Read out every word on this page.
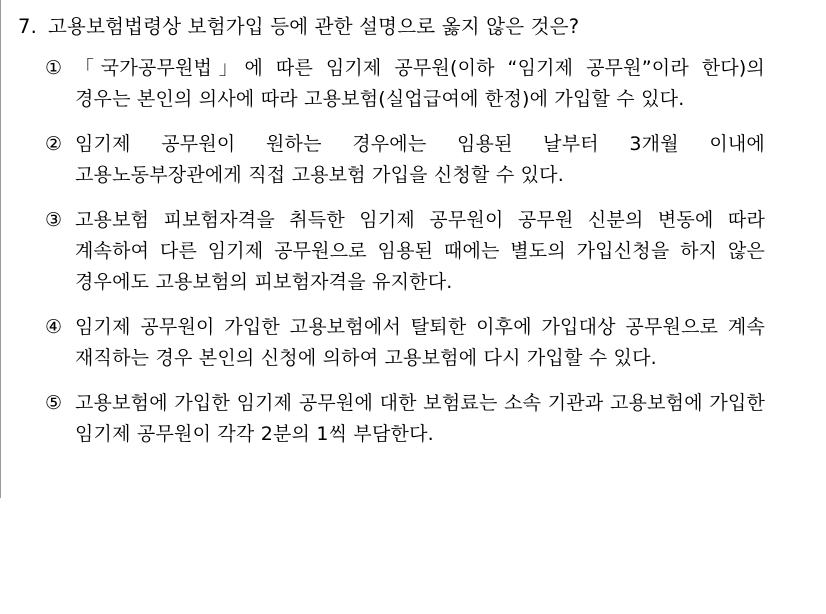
7. 고용보험법령상 보험가입 등에 관한 설명으로 옳지 않은 것은?
① 「국가공무원법」에 따른 임기제 공무원(이하 “임기제 공무원”이라 한다)의 경우는 본인의 의사에 따라 고용보험(실업급여에 한정)에 가입할 수 있다.
② 임기제 공무원이 원하는 경우에는 임용된 날부터 3개월 이내에 고용노동부장관에게 직접 고용보험 가입을 신청할 수 있다.
③ 고용보험 피보험자격을 취득한 임기제 공무원이 공무원 신분의 변동에 따라 계속하여 다른 임기제 공무원으로 임용된 때에는 별도의 가입신청을 하지 않은 경우에도 고용보험의 피보험자격을 유지한다.
④ 임기제 공무원이 가입한 고용보험에서 탈퇴한 이후에 가입대상 공무원으로 계속 재직하는 경우 본인의 신청에 의하여 고용보험에 다시 가입할 수 있다.
⑤ 고용보험에 가입한 임기제 공무원에 대한 보험료는 소속 기관과 고용보험에 가입한 임기제 공무원이 각각 2분의 1씩 부담한다.
